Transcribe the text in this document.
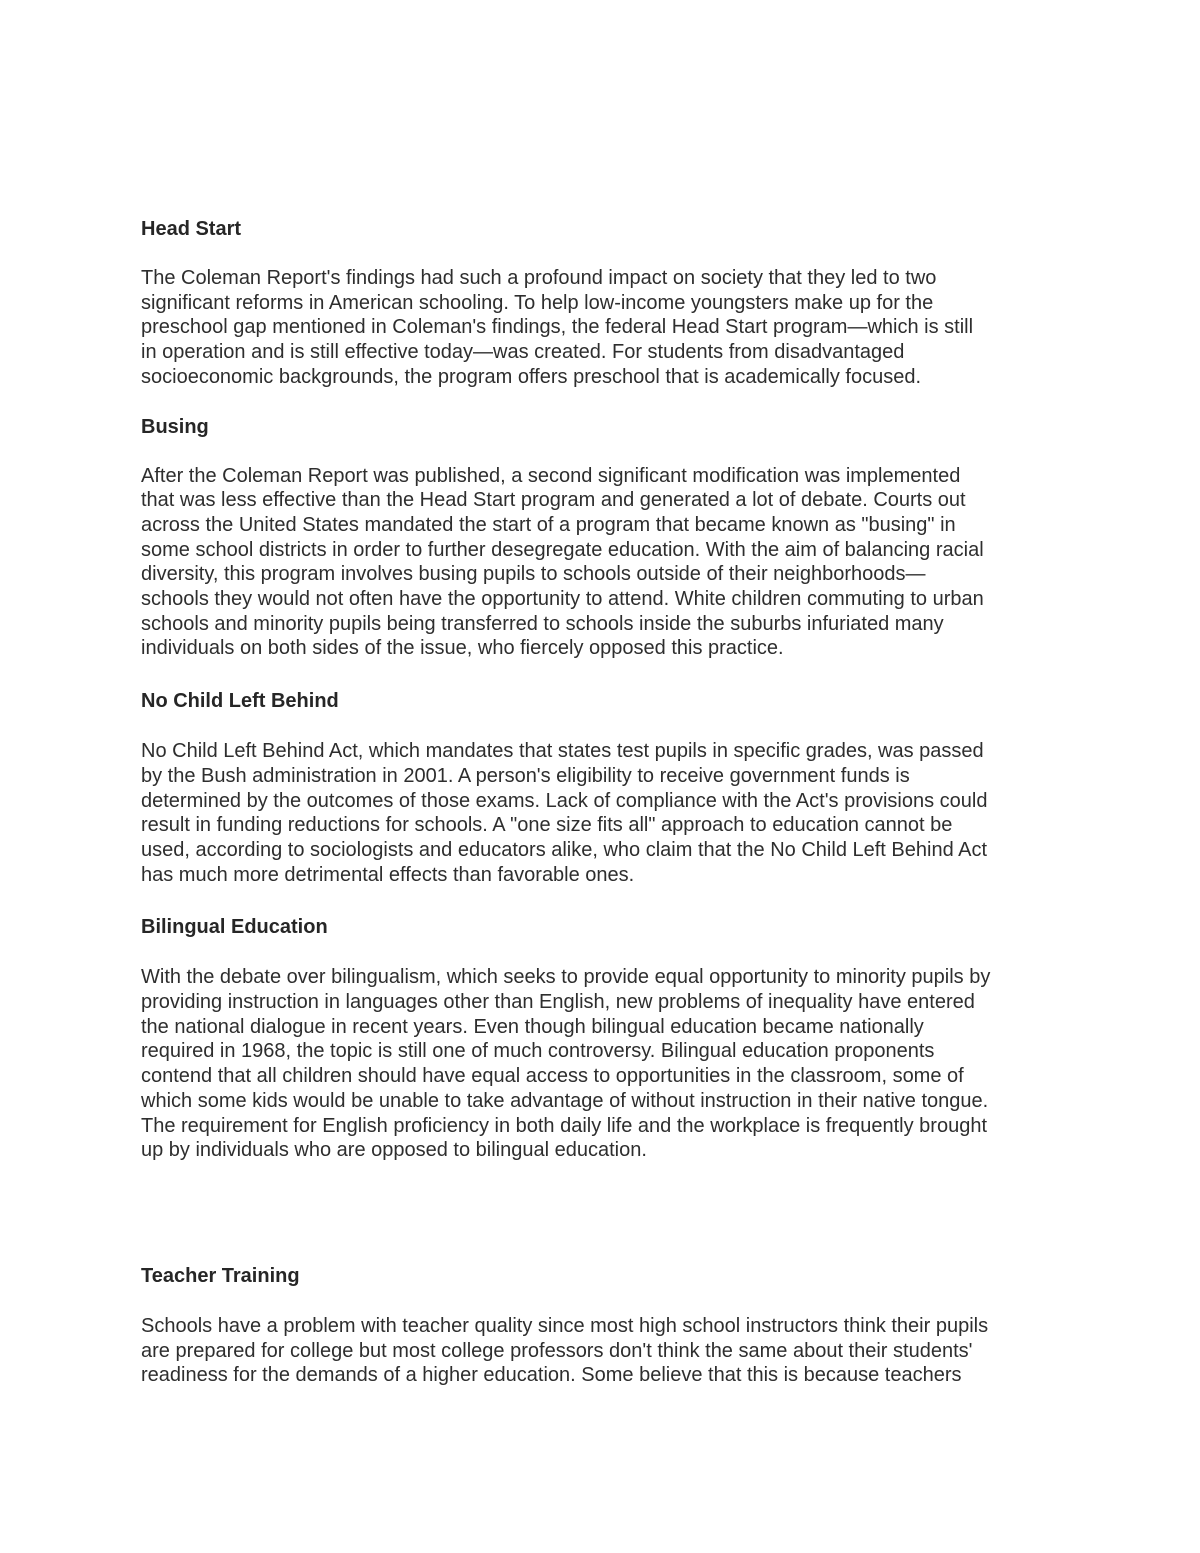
Head Start

The Coleman Report's findings had such a profound impact on society that they led to two
significant reforms in American schooling. To help low-income youngsters make up for the
preschool gap mentioned in Coleman's findings, the federal Head Start program—which is still
in operation and is still effective today—was created. For students from disadvantaged
socioeconomic backgrounds, the program offers preschool that is academically focused.

Busing

After the Coleman Report was published, a second significant modification was implemented
that was less effective than the Head Start program and generated a lot of debate. Courts out
across the United States mandated the start of a program that became known as "busing" in
some school districts in order to further desegregate education. With the aim of balancing racial
diversity, this program involves busing pupils to schools outside of their neighborhoods—
schools they would not often have the opportunity to attend. White children commuting to urban
schools and minority pupils being transferred to schools inside the suburbs infuriated many
individuals on both sides of the issue, who fiercely opposed this practice.

No Child Left Behind

No Child Left Behind Act, which mandates that states test pupils in specific grades, was passed
by the Bush administration in 2001. A person's eligibility to receive government funds is
determined by the outcomes of those exams. Lack of compliance with the Act's provisions could
result in funding reductions for schools. A "one size fits all" approach to education cannot be
used, according to sociologists and educators alike, who claim that the No Child Left Behind Act
has much more detrimental effects than favorable ones.

Bilingual Education

With the debate over bilingualism, which seeks to provide equal opportunity to minority pupils by
providing instruction in languages other than English, new problems of inequality have entered
the national dialogue in recent years. Even though bilingual education became nationally
required in 1968, the topic is still one of much controversy. Bilingual education proponents
contend that all children should have equal access to opportunities in the classroom, some of
which some kids would be unable to take advantage of without instruction in their native tongue.
The requirement for English proficiency in both daily life and the workplace is frequently brought
up by individuals who are opposed to bilingual education.

Teacher Training

Schools have a problem with teacher quality since most high school instructors think their pupils
are prepared for college but most college professors don't think the same about their students'
readiness for the demands of a higher education. Some believe that this is because teachers
